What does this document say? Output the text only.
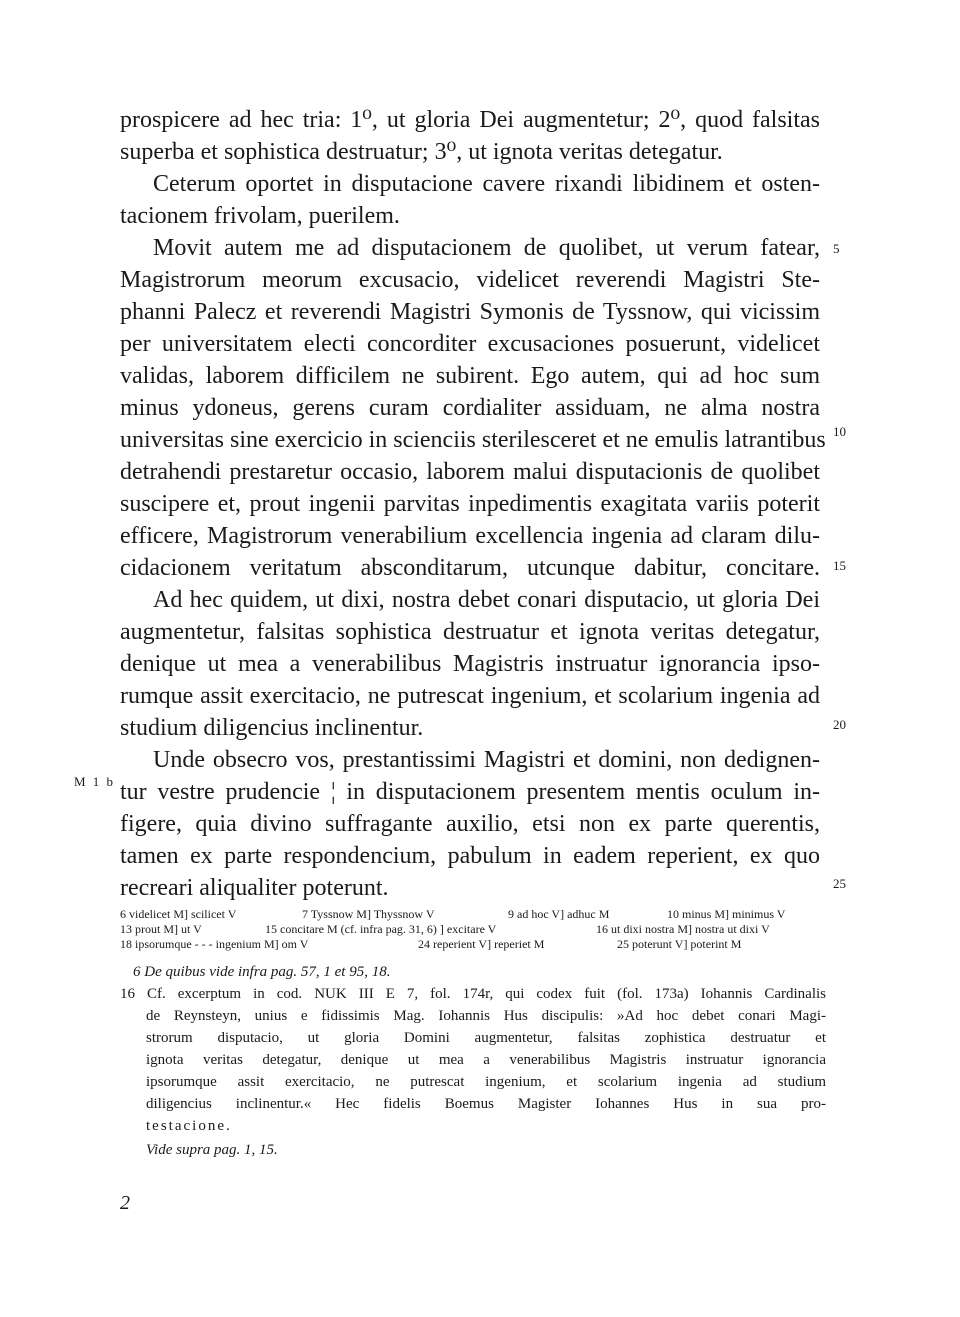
prospicere ad hec tria: 1⁰, ut gloria Dei augmentetur; 2⁰, quod falsitas
superba et sophistica destruatur; 3⁰, ut ignota veritas detegatur.
Ceterum oportet in disputacione cavere rixandi libidinem et osten-
tacionem frivolam, puerilem.
Movit autem me ad disputacionem de quolibet, ut verum fatear,
Magistrorum meorum excusacio, videlicet reverendi Magistri Ste-
phanni Palecz et reverendi Magistri Symonis de Tyssnow, qui vicissim
per universitatem electi concorditer excusaciones posuerunt, videlicet
validas, laborem difficilem ne subirent. Ego autem, qui ad hoc sum
minus ydoneus, gerens curam cordialiter assiduam, ne alma nostra
universitas sine exercicio in scienciis sterilesceret et ne emulis latrantibus
detrahendi prestaretur occasio, laborem malui disputacionis de quolibet
suscipere et, prout ingenii parvitas inpedimentis exagitata variis poterit
efficere, Magistrorum venerabilium excellencia ingenia ad claram dilu-
cidacionem veritatum absconditarum, utcunque dabitur, concitare.
Ad hec quidem, ut dixi, nostra debet conari disputacio, ut gloria Dei
augmentetur, falsitas sophistica destruatur et ignota veritas detegatur,
denique ut mea a venerabilibus Magistris instruatur ignorancia ipso-
rumque assit exercitacio, ne putrescat ingenium, et scolarium ingenia ad
studium diligencius inclinentur.
Unde obsecro vos, prestantissimi Magistri et domini, non dedignen-
tur vestre prudencie ¦ in disputacionem presentem mentis oculum in-
figere, quia divino suffragante auxilio, etsi non ex parte querentis,
tamen ex parte respondencium, pabulum in eadem reperient, ex quo
recreari aliqualiter poterunt.
5
10
15
20
25
M 1 b
6 videlicet M] scilicet V	7 Tyssnow M] Thyssnow V	9 ad hoc V] adhuc M	10 minus M] minimus V
13 prout M] ut V	15 concitare M (cf. infra pag. 31, 6) ] excitare V	16 ut dixi nostra M] nostra ut dixi V
18 ipsorumque - - - ingenium M] om V	24 reperient V] reperiet M	25 poterunt V] poterint M
6 De quibus vide infra pag. 57, 1 et 95, 18.
16 Cf. excerptum in cod. NUK III E 7, fol. 174r, qui codex fuit (fol. 173a) Iohannis Cardinalis
de Reynsteyn, unius e fidissimis Mag. Iohannis Hus discipulis: »Ad hoc debet conari Magi-
strorum disputacio, ut gloria Domini augmentetur, falsitas zophistica destruatur et
ignota veritas detegatur, denique ut mea a venerabilibus Magistris instruatur ignorancia
ipsorumque assit exercitacio, ne putrescat ingenium, et scolarium ingenia ad studium
diligencius inclinentur.« Hec fidelis Boemus Magister Iohannes Hus in sua pro-
testacione.
Vide supra pag. 1, 15.
2
